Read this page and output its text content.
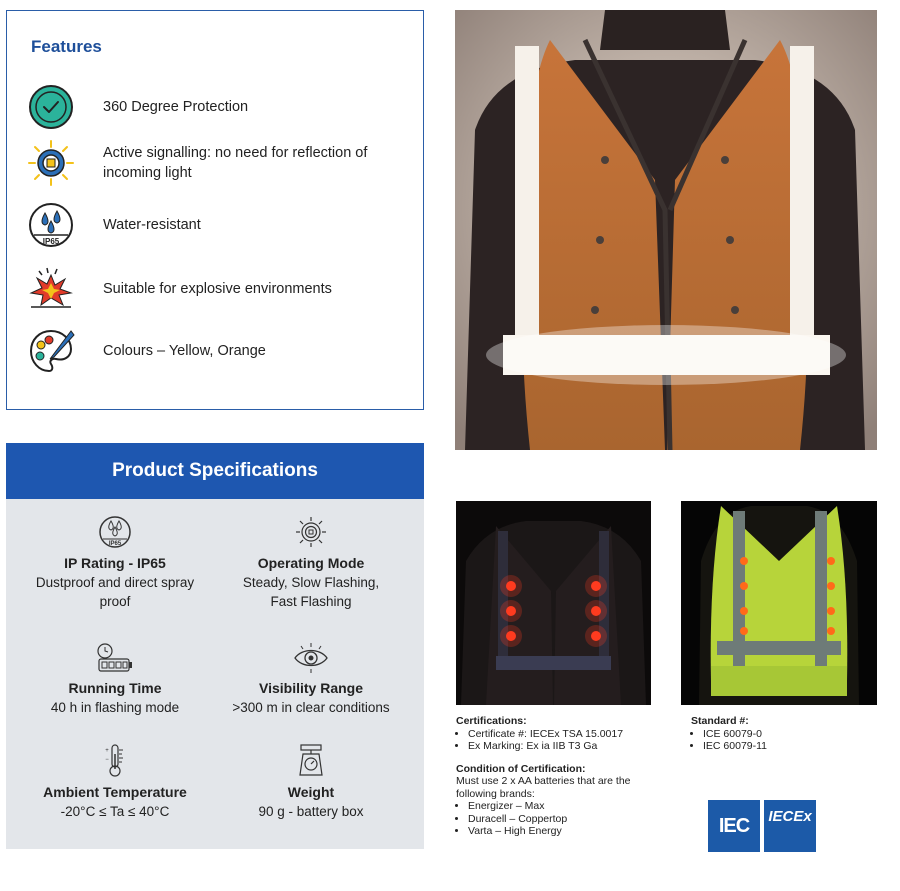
Features
360 Degree Protection
Active signalling: no need for reflection of incoming light
IP65
Water-resistant
Suitable for explosive environments
Colours – Yellow, Orange
Product Specifications
IP65
IP Rating - IP65
Dustproof and direct spray proof
Operating Mode
Steady, Slow Flashing, Fast Flashing
Running Time
40 h in flashing mode
Visibility Range
>300 m in clear conditions
+
−
Ambient Temperature
-20°C ≤ Ta ≤ 40°C
Weight
90 g - battery box
Certifications:
• Certificate #: IECEx TSA 15.0017
• Ex Marking: Ex ia IIB T3 Ga
Condition of Certification:
Must use 2 x AA batteries that are the following brands:
• Energizer – Max
• Duracell – Coppertop
• Varta – High Energy
Standard #:
• ICE 60079-0
• IEC 60079-11
IEC IECEx
